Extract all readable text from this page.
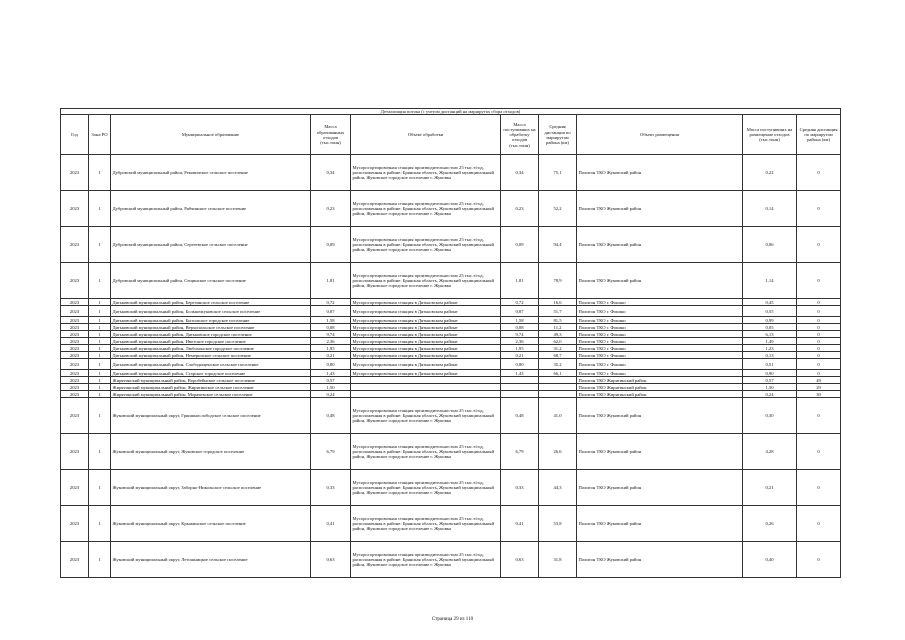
Детализация потока (с учетом дистанций на маршрутах сбора отходов)									
Год	Зона РО	Муниципальное образование	Масса образованных отходов (тыс.тонн)	Объект обработки	Масса поступивших на обработку отходов (тыс.тонн)	Средняя дистанция по маршрутам района (км)	Объект размещения	Масса поступивших на размещение отходов (тыс.тонн)	Средняя дистанция по маршрутам района (км)
2023	1	Дубровский муниципальный район, Рековичское сельское поселение	0,34	Мусоросортировочная станция производительностью 25 тыс.т/год, расположенная в районе: Брянская область, Жуковский муниципальный район, Жуковское городское поселение г. Жуковка	0,34	75,1	Полигон ТКО Жуковский район	0,22	0
2023	1	Дубровский муниципальный район, Рябчинское сельское поселение	0,23	Мусоросортировочная станция производительностью 25 тыс.т/год, расположенная в районе: Брянская область, Жуковский муниципальный район, Жуковское городское поселение г. Жуковка	0,23	52,2	Полигон ТКО Жуковский район	0,14	0
2023	1	Дубровский муниципальный район, Сергеевское сельское поселение	0,09	Мусоросортировочная станция производительностью 25 тыс.т/год, расположенная в районе: Брянская область, Жуковский муниципальный район, Жуковское городское поселение г. Жуковка	0,09	94,4	Полигон ТКО Жуковский район	0,06	0
2023	1	Дубровский муниципальный район, Сещинское сельское поселение	1,81	Мусоросортировочная станция производительностью 25 тыс.т/год, расположенная в районе: Брянская область, Жуковский муниципальный район, Жуковское городское поселение г. Жуковка	1,81	78,9	Полигон ТКО Жуковский район	1,14	0
2023	1	Дятьковский муниципальный район, Березинское сельское поселение	0,72	Мусоросортировочная станция в Дятьковском районе	0,72	16,6	Полигон ТКО г. Фокино	0,45	0
2023	1	Дятьковский муниципальный район, Большежуковское сельское поселение	0,87	Мусоросортировочная станция в Дятьковском районе	0,87	51,7	Полигон ТКО г. Фокино	0,55	0
2023	1	Дятьковский муниципальный район, Бытошское городское поселение	1,58	Мусоросортировочная станция в Дятьковском районе	1,58	81,5	Полигон ТКО г. Фокино	0,99	0
2023	1	Дятьковский муниципальный район, Верхопольское сельское поселение	0,08	Мусоросортировочная станция в Дятьковском районе	0,08	11,2	Полигон ТКО г. Фокино	0,05	0
2023	1	Дятьковский муниципальный район, Дятьковское городское поселение	9,74	Мусоросортировочная станция в Дятьковском районе	9,74	49,3	Полигон ТКО г. Фокино	6,13	0
2023	1	Дятьковский муниципальный район, Ивотское городское поселение	2,36	Мусоросортировочная станция в Дятьковском районе	2,36	62,0	Полигон ТКО г. Фокино	1,49	0
2023	1	Дятьковский муниципальный район, Любохонское городское поселение	1,95	Мусоросортировочная станция в Дятьковском районе	1,95	31,2	Полигон ТКО г. Фокино	1,23	0
2023	1	Дятьковский муниципальный район, Немеричское сельское поселение	0,21	Мусоросортировочная станция в Дятьковском районе	0,21	68,7	Полигон ТКО г. Фокино	0,13	0
2023	1	Дятьковский муниципальный район, Слободищенское сельское поселение	0,80	Мусоросортировочная станция в Дятьковском районе	0,80	35,2	Полигон ТКО г. Фокино	0,51	0
2023	1	Дятьковский муниципальный район, Старское городское поселение	1,43	Мусоросортировочная станция в Дятьковском районе	1,43	66,1	Полигон ТКО г. Фокино	0,90	0
2023	1	Жирятинский муниципальный район, Воробейнское сельское поселение	0,57				Полигон ТКО Жирятинский район	0,57	49
2023	1	Жирятинский муниципальный район, Жирятинское сельское поселение	1,50				Полигон ТКО Жирятинский район	1,50	29
2023	1	Жирятинский муниципальный район, Морачевское сельское поселение	0,24				Полигон ТКО Жирятинский район	0,24	30
2023	1	Жуковский муниципальный округ, Гришинослободское сельское поселение	0,48	Мусоросортировочная станция производительностью 25 тыс.т/год, расположенная в районе: Брянская область, Жуковский муниципальный район, Жуковское городское поселение г. Жуковка	0,48	41,0	Полигон ТКО Жуковский район	0,30	0
2023	1	Жуковский муниципальный округ, Жуковское городское поселение	6,79	Мусоросортировочная станция производительностью 25 тыс.т/год, расположенная в районе: Брянская область, Жуковский муниципальный район, Жуковское городское поселение г. Жуковка	6,79	26,6	Полигон ТКО Жуковский район	4,28	0
2023	1	Жуковский муниципальный округ, Заборно-Никольское сельское поселение	0,33	Мусоросортировочная станция производительностью 25 тыс.т/год, расположенная в районе: Брянская область, Жуковский муниципальный район, Жуковское городское поселение г. Жуковка	0,33	44,3	Полигон ТКО Жуковский район	0,21	0
2023	1	Жуковский муниципальный округ, Крыжинское сельское поселение	0,41	Мусоросортировочная станция производительностью 25 тыс.т/год, расположенная в районе: Брянская область, Жуковский муниципальный район, Жуковское городское поселение г. Жуковка	0,41	53,8	Полигон ТКО Жуковский район	0,26	0
2023	1	Жуковский муниципальный округ, Летошницкое сельское поселение	0,63	Мусоросортировочная станция производительностью 25 тыс.т/год, расположенная в районе: Брянская область, Жуковский муниципальный район, Жуковское городское поселение г. Жуковка	0,63	31,8	Полигон ТКО Жуковский район	0,40	0
Страница 29 из 110
